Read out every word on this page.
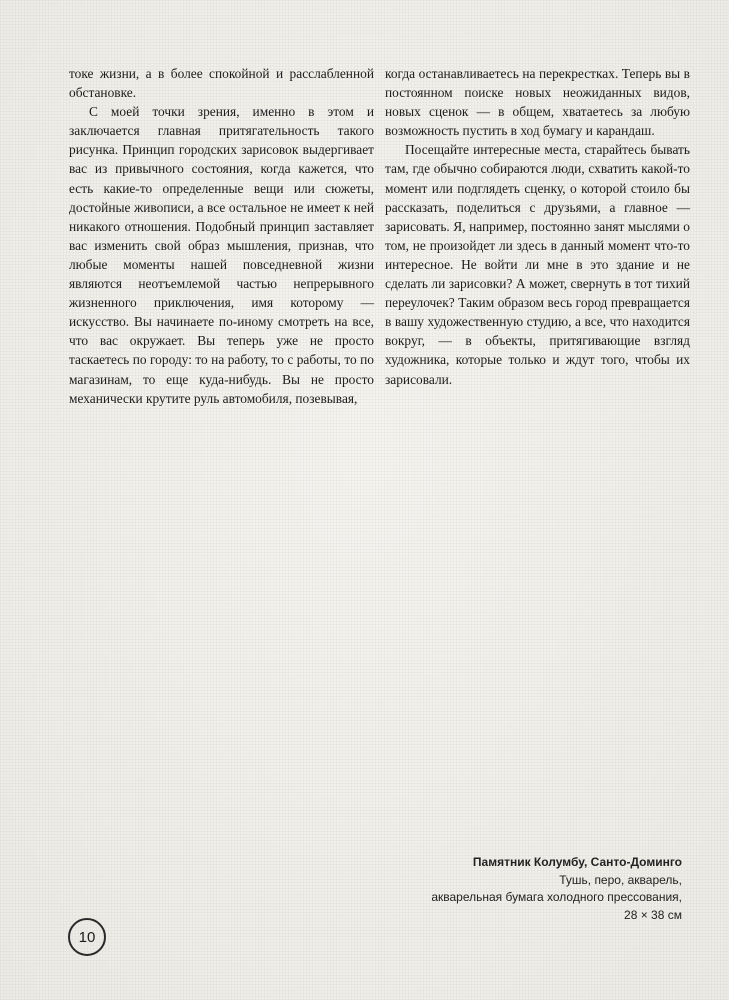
токе жизни, а в более спокойной и расслабленной обстановке.

С моей точки зрения, именно в этом и заключается главная притягательность такого рисунка. Принцип городских зарисовок выдергивает вас из привычного состояния, когда кажется, что есть какие-то определенные вещи или сюжеты, достойные живописи, а все остальное не имеет к ней никакого отношения. Подобный принцип заставляет вас изменить свой образ мышления, признав, что любые моменты нашей повседневной жизни являются неотъемлемой частью непрерывного жизненного приключения, имя которому — искусство. Вы начинаете по-иному смотреть на все, что вас окружает. Вы теперь уже не просто таскаетесь по городу: то на работу, то с работы, то по магазинам, то еще куда-нибудь. Вы не просто механически крутите руль автомобиля, позевывая,

когда останавливаетесь на перекрестках. Теперь вы в постоянном поиске новых неожиданных видов, новых сценок — в общем, хватаетесь за любую возможность пустить в ход бумагу и карандаш.

Посещайте интересные места, старайтесь бывать там, где обычно собираются люди, схватить какой-то момент или подглядеть сценку, о которой стоило бы рассказать, поделиться с друзьями, а главное — зарисовать. Я, например, постоянно занят мыслями о том, не произойдет ли здесь в данный момент что-то интересное. Не войти ли мне в это здание и не сделать ли зарисовки? А может, свернуть в тот тихий переулочек? Таким образом весь город превращается в вашу художественную студию, а все, что находится вокруг, — в объекты, притягивающие взгляд художника, которые только и ждут того, чтобы их зарисовали.

Памятник Колумбу, Санто-Доминго
Тушь, перо, акварель,
акварельная бумага холодного прессования,
28 × 38 см
10
